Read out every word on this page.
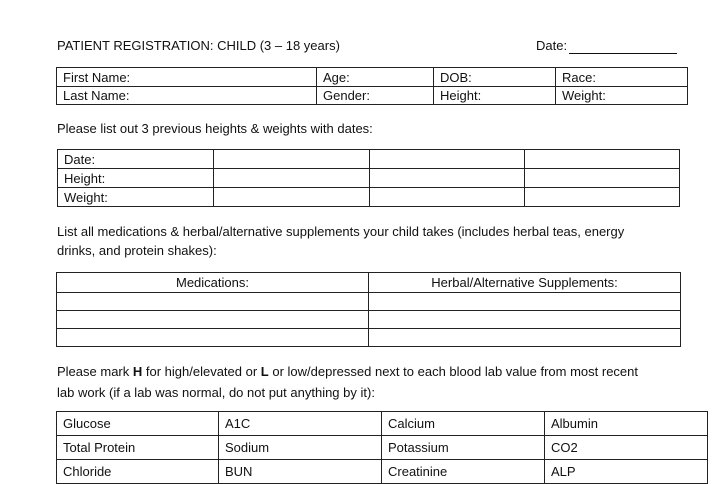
PATIENT REGISTRATION: CHILD (3 – 18 years)	Date:
First Name:	Age:	DOB:	Race:
Last Name:	Gender:	Height:	Weight:
Please list out 3 previous heights & weights with dates:
Date:			
Height:			
Weight:			
List all medications & herbal/alternative supplements your child takes (includes herbal teas, energy
drinks, and protein shakes):
Medications:	Herbal/Alternative Supplements:

Please mark H for high/elevated or L or low/depressed next to each blood lab value from most recent
lab work (if a lab was normal, do not put anything by it):
Glucose	A1C	Calcium	Albumin
Total Protein	Sodium	Potassium	CO2
Chloride	BUN	Creatinine	ALP
